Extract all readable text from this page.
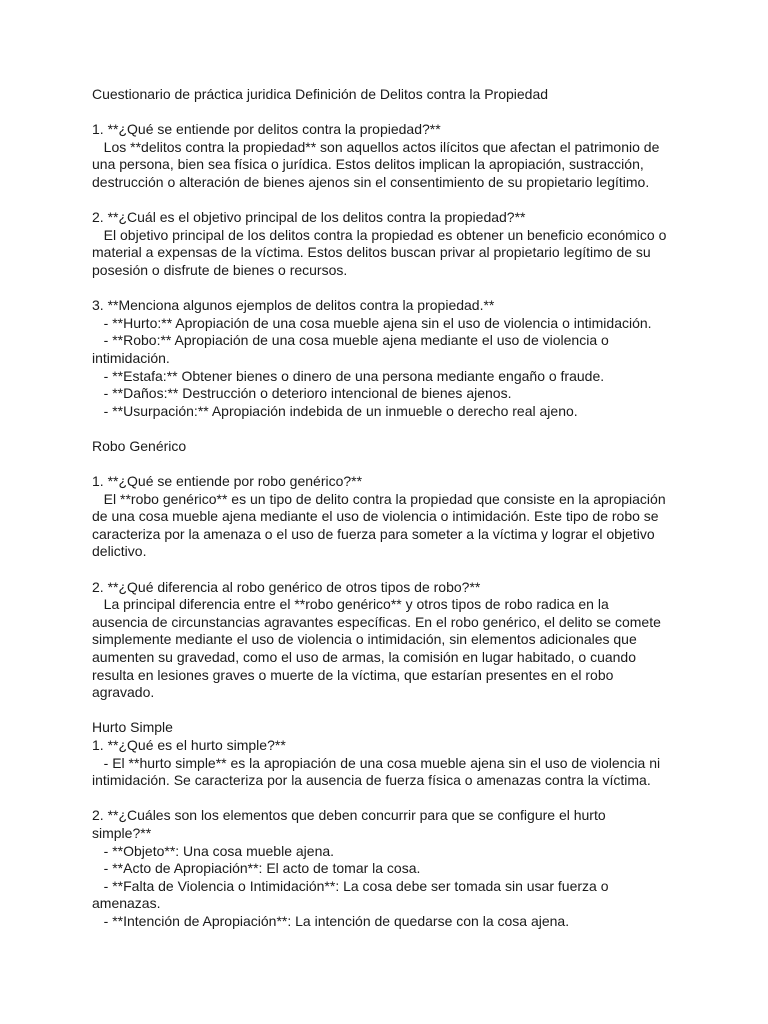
Cuestionario de práctica juridica Definición de Delitos contra la Propiedad

1. **¿Qué se entiende por delitos contra la propiedad?**

Los **delitos contra la propiedad** son aquellos actos ilícitos que afectan el patrimonio de

una persona, bien sea física o jurídica. Estos delitos implican la apropiación, sustracción,

destrucción o alteración de bienes ajenos sin el consentimiento de su propietario legítimo.

2. **¿Cuál es el objetivo principal de los delitos contra la propiedad?**

El objetivo principal de los delitos contra la propiedad es obtener un beneficio económico o

material a expensas de la víctima. Estos delitos buscan privar al propietario legítimo de su

posesión o disfrute de bienes o recursos.

3. **Menciona algunos ejemplos de delitos contra la propiedad.**

- **Hurto:** Apropiación de una cosa mueble ajena sin el uso de violencia o intimidación.

- **Robo:** Apropiación de una cosa mueble ajena mediante el uso de violencia o

intimidación.

- **Estafa:** Obtener bienes o dinero de una persona mediante engaño o fraude.

- **Daños:** Destrucción o deterioro intencional de bienes ajenos.

- **Usurpación:** Apropiación indebida de un inmueble o derecho real ajeno.

Robo Genérico

1. **¿Qué se entiende por robo genérico?**

El **robo genérico** es un tipo de delito contra la propiedad que consiste en la apropiación

de una cosa mueble ajena mediante el uso de violencia o intimidación. Este tipo de robo se

caracteriza por la amenaza o el uso de fuerza para someter a la víctima y lograr el objetivo

delictivo.

2. **¿Qué diferencia al robo genérico de otros tipos de robo?**

La principal diferencia entre el **robo genérico** y otros tipos de robo radica en la

ausencia de circunstancias agravantes específicas. En el robo genérico, el delito se comete

simplemente mediante el uso de violencia o intimidación, sin elementos adicionales que

aumenten su gravedad, como el uso de armas, la comisión en lugar habitado, o cuando

resulta en lesiones graves o muerte de la víctima, que estarían presentes en el robo

agravado.

Hurto Simple

1. **¿Qué es el hurto simple?**

- El **hurto simple** es la apropiación de una cosa mueble ajena sin el uso de violencia ni

intimidación. Se caracteriza por la ausencia de fuerza física o amenazas contra la víctima.

2. **¿Cuáles son los elementos que deben concurrir para que se configure el hurto

simple?**

- **Objeto**: Una cosa mueble ajena.

- **Acto de Apropiación**: El acto de tomar la cosa.

- **Falta de Violencia o Intimidación**: La cosa debe ser tomada sin usar fuerza o

amenazas.

- **Intención de Apropiación**: La intención de quedarse con la cosa ajena.
